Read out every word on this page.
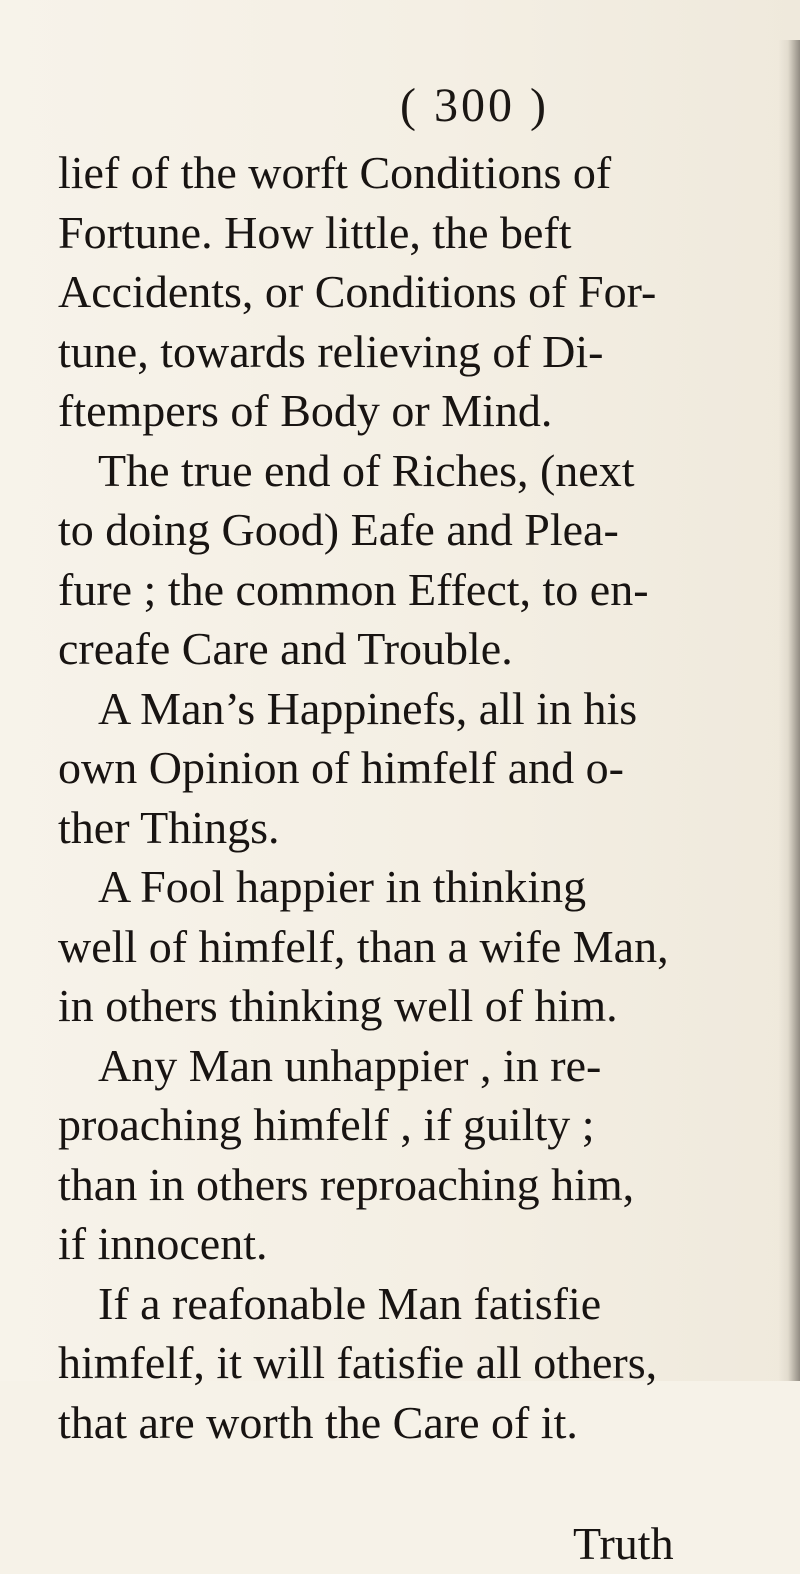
( 300 )
lief of the worft Conditions of
Fortune. How little, the beft
Accidents, or Conditions of For-
tune, towards relieving of Di-
ftempers of Body or Mind.
The true end of Riches, (next
to doing Good) Eafe and Plea-
fure ; the common Effect, to en-
creafe Care and Trouble.
A Man’s Happinefs, all in his
own Opinion of himfelf and o-
ther Things.
A Fool happier in thinking
well of himfelf, than a wife Man,
in others thinking well of him.
Any Man unhappier , in re-
proaching himfelf , if guilty ;
than in others reproaching him,
if innocent.
If a reafonable Man fatisfie
himfelf, it will fatisfie all others,
that are worth the Care of it.
Truth
